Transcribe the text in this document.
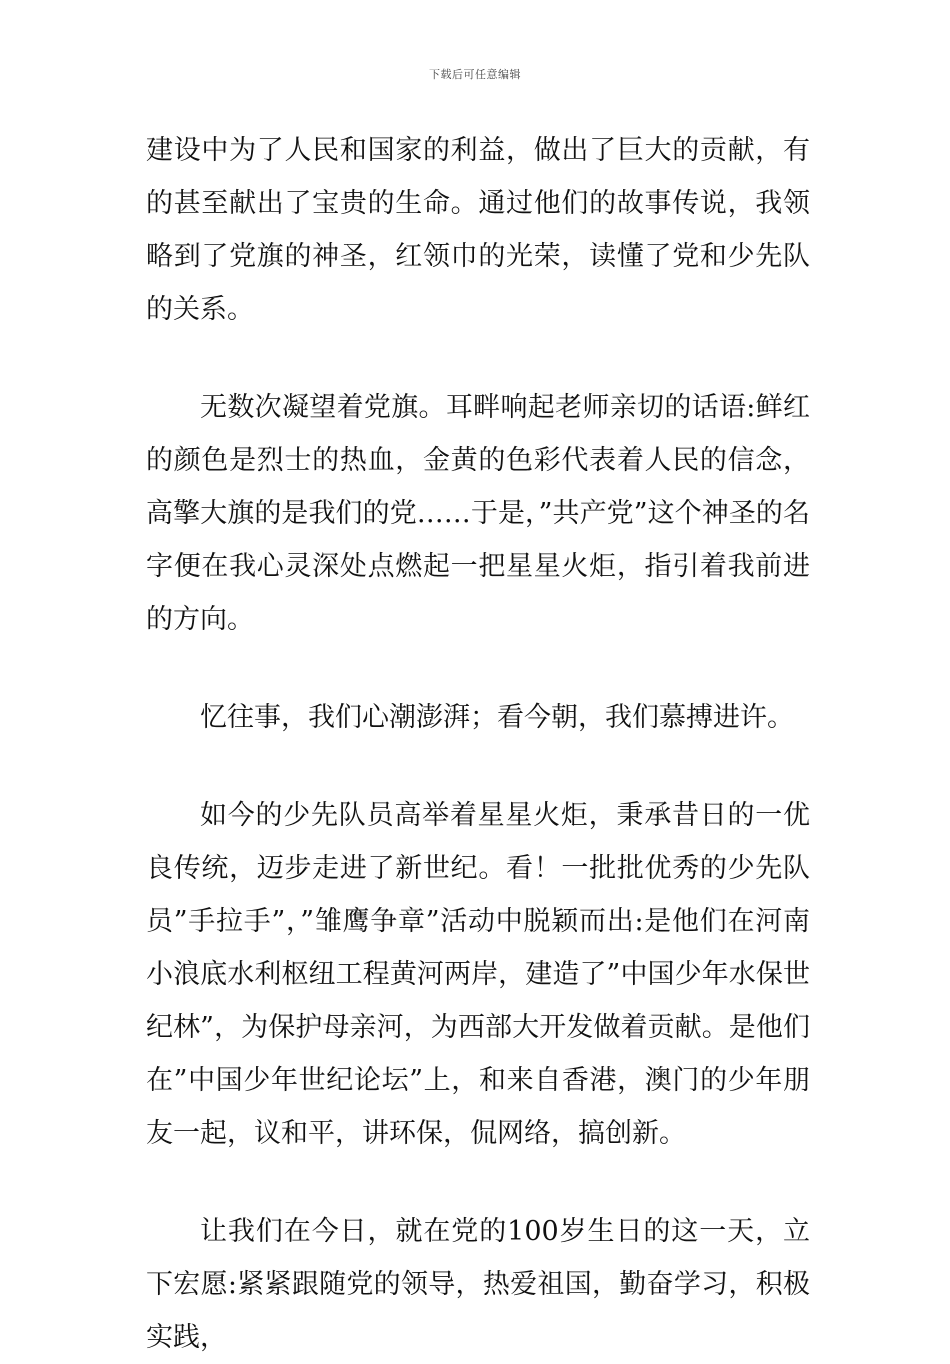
下载后可任意编辑

建设中为了人民和国家的利益，做出了巨大的贡献，有的甚至献出了宝贵的生命。通过他们的故事传说，我领略到了党旗的神圣，红领巾的光荣，读懂了党和少先队的关系。

无数次凝望着党旗。耳畔响起老师亲切的话语:鲜红的颜色是烈士的热血，金黄的色彩代表着人民的信念，高擎大旗的是我们的党……于是，”共产党”这个神圣的名字便在我心灵深处点燃起一把星星火炬，指引着我前进的方向。

忆往事，我们心潮澎湃；看今朝，我们慕搏进许。

如今的少先队员高举着星星火炬，秉承昔日的一优良传统，迈步走进了新世纪。看！一批批优秀的少先队员”手拉手”，”雏鹰争章”活动中脱颖而出:是他们在河南小浪底水利枢纽工程黄河两岸，建造了”中国少年水保世纪林”，为保护母亲河，为西部大开发做着贡献。是他们在”中国少年世纪论坛”上，和来自香港，澳门的少年朋友一起，议和平，讲环保，侃网络，搞创新。

让我们在今日，就在党的100岁生日的这一天，立下宏愿:紧紧跟随党的领导，热爱祖国，勤奋学习，积极实践，
